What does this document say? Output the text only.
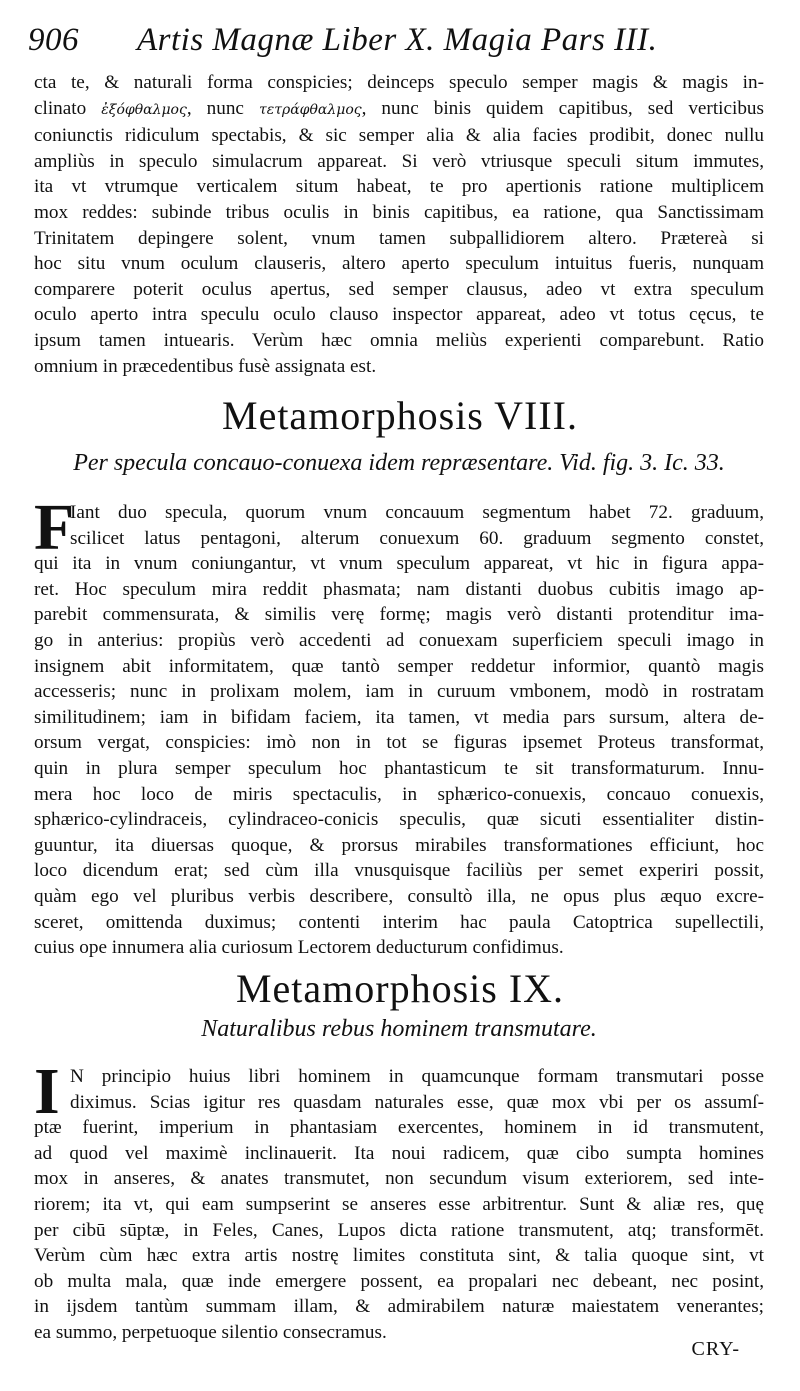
906 Artis Magnæ Liber X. Magia Pars III.
cta te, & naturali forma conspicies; deinceps speculo semper magis & magis in-
clinato ἐξόφθαλμος, nunc τετράφθαλμος, nunc binis quidem capitibus, sed verticibus
coniunctis ridiculum spectabis, & sic semper alia & alia facies prodibit, donec nullu
ampliùs in speculo simulacrum appareat. Si verò vtriusque speculi situm immutes,
ita vt vtrumque verticalem situm habeat, te pro apertionis ratione multiplicem
mox reddes: subinde tribus oculis in binis capitibus, ea ratione, qua Sanctissimam
Trinitatem depingere solent, vnum tamen subpallidiorem altero. Prætereà si
hoc situ vnum oculum clauseris, altero aperto speculum intuitus fueris, nunquam
comparere poterit oculus apertus, sed semper clausus, adeo vt extra speculum
oculo aperto intra speculu oculo clauso inspector appareat, adeo vt totus cęcus, te
ipsum tamen intuearis. Verùm hæc omnia meliùs experienti comparebunt. Ratio
omnium in præcedentibus fusè assignata est.
Metamorphosis VIII.
Per specula concauo-conuexa idem repræsentare. Vid. fig. 3. Ic. 33.
F
Iant duo specula, quorum vnum concauum segmentum habet 72. graduum,
scilicet latus pentagoni, alterum conuexum 60. graduum segmento constet,
qui ita in vnum coniungantur, vt vnum speculum appareat, vt hic in figura appa-
ret. Hoc speculum mira reddit phasmata; nam distanti duobus cubitis imago ap-
parebit commensurata, & similis verę formę; magis verò distanti protenditur ima-
go in anterius: propiùs verò accedenti ad conuexam superficiem speculi imago in
insignem abit informitatem, quæ tantò semper reddetur informior, quantò magis
accesseris; nunc in prolixam molem, iam in curuum vmbonem, modò in rostratam
similitudinem; iam in bifidam faciem, ita tamen, vt media pars sursum, altera de-
orsum vergat, conspicies: imò non in tot se figuras ipsemet Proteus transformat,
quin in plura semper speculum hoc phantasticum te sit transformaturum. Innu-
mera hoc loco de miris spectaculis, in sphærico-conuexis, concauo conuexis,
sphærico-cylindraceis, cylindraceo-conicis speculis, quæ sicuti essentialiter distin-
guuntur, ita diuersas quoque, & prorsus mirabiles transformationes efficiunt, hoc
loco dicendum erat; sed cùm illa vnusquisque faciliùs per semet experiri possit,
quàm ego vel pluribus verbis describere, consultò illa, ne opus plus æquo excre-
sceret, omittenda duximus; contenti interim hac paula Catoptrica supellectili,
cuius ope innumera alia curiosum Lectorem deducturum confidimus.
Metamorphosis IX.
Naturalibus rebus hominem transmutare.
I N principio huius libri hominem in quamcunque formam transmutari posse
diximus. Scias igitur res quasdam naturales esse, quæ mox vbi per os assumſ-
ptæ fuerint, imperium in phantasiam exercentes, hominem in id transmutent,
ad quod vel maximè inclinauerit. Ita noui radicem, quæ cibo sumpta homines
mox in anseres, & anates transmutet, non secundum visum exteriorem, sed inte-
riorem; ita vt, qui eam sumpserint se anseres esse arbitrentur. Sunt & aliæ res, quę
per cibū sūptæ, in Feles, Canes, Lupos dicta ratione transmutent, atq; transformēt.
Verùm cùm hæc extra artis nostrę limites constituta sint, & talia quoque sint, vt
ob multa mala, quæ inde emergere possent, ea propalari nec debeant, nec posint,
in ijsdem tantùm summam illam, & admirabilem naturæ maiestatem venerantes;
ea summo, perpetuoque silentio consecramus.
CRY-
